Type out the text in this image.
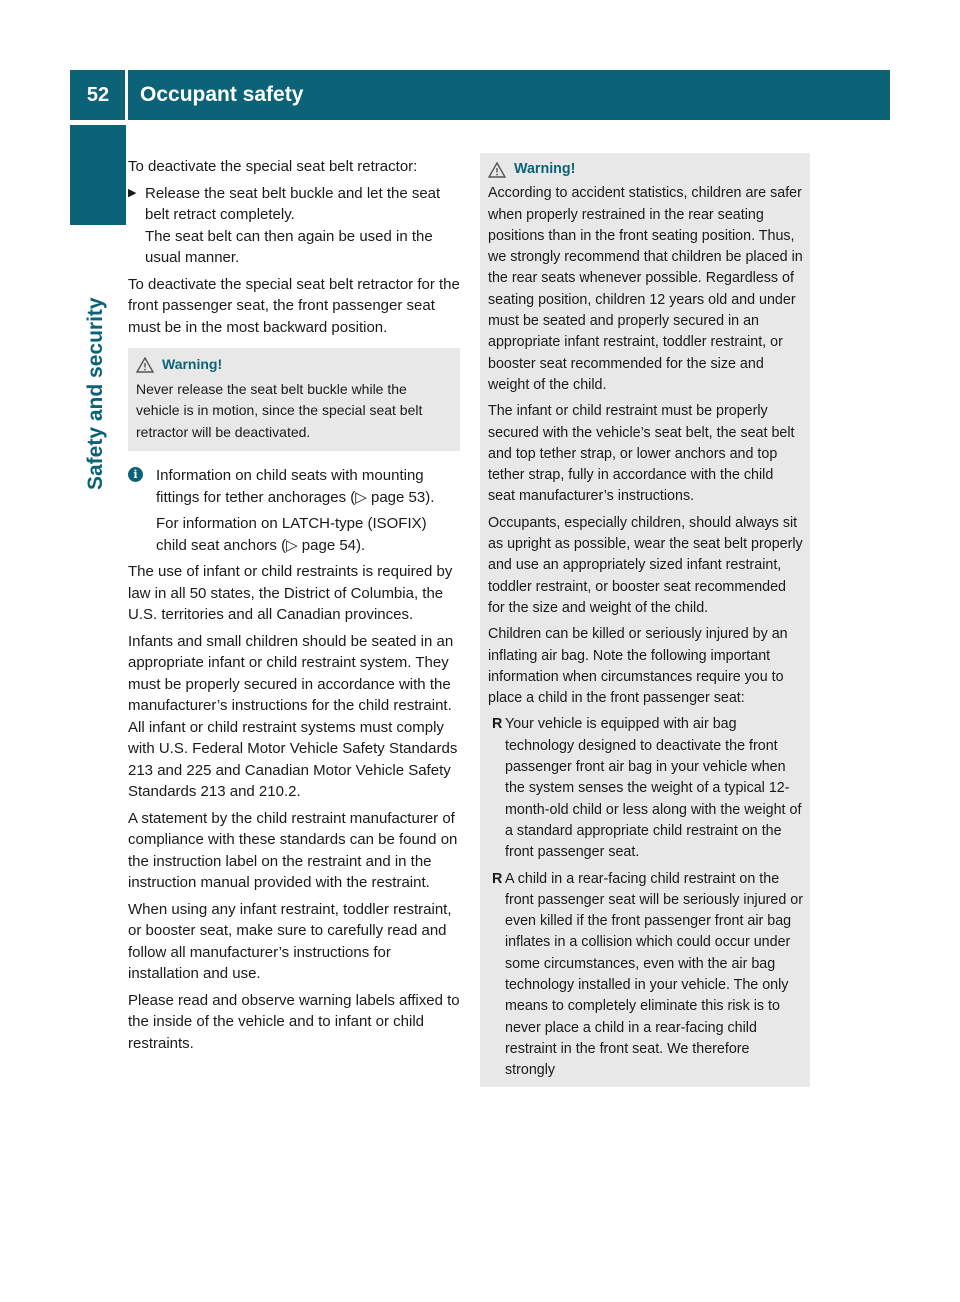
52	Occupant safety
Safety and security

To deactivate the special seat belt retractor:

▶ Release the seat belt buckle and let the seat belt retract completely.
The seat belt can then again be used in the usual manner.

To deactivate the special seat belt retractor for the front passenger seat, the front passenger seat must be in the most backward position.

Warning!
Never release the seat belt buckle while the vehicle is in motion, since the special seat belt retractor will be deactivated.
i	Information on child seats with mounting fittings for tether anchorages (▷ page 53).
For information on LATCH-type (ISOFIX) child seat anchors (▷ page 54).

The use of infant or child restraints is required by law in all 50 states, the District of Columbia, the U.S. territories and all Canadian provinces.

Infants and small children should be seated in an appropriate infant or child restraint system. They must be properly secured in accordance with the manufacturer’s instructions for the child restraint. All infant or child restraint systems must comply with U.S. Federal Motor Vehicle Safety Standards 213 and 225 and Canadian Motor Vehicle Safety Standards 213 and 210.2.

A statement by the child restraint manufacturer of compliance with these standards can be found on the instruction label on the restraint and in the instruction manual provided with the restraint.

When using any infant restraint, toddler restraint, or booster seat, make sure to carefully read and follow all manufacturer’s instructions for installation and use.

Please read and observe warning labels affixed to the inside of the vehicle and to infant or child restraints.

Warning!

According to accident statistics, children are safer when properly restrained in the rear seating positions than in the front seating position. Thus, we strongly recommend that children be placed in the rear seats whenever possible. Regardless of seating position, children 12 years old and under must be seated and properly secured in an appropriate infant restraint, toddler restraint, or booster seat recommended for the size and weight of the child.

The infant or child restraint must be properly secured with the vehicle’s seat belt, the seat belt and top tether strap, or lower anchors and top tether strap, fully in accordance with the child seat manufacturer’s instructions.

Occupants, especially children, should always sit as upright as possible, wear the seat belt properly and use an appropriately sized infant restraint, toddler restraint, or booster seat recommended for the size and weight of the child.

Children can be killed or seriously injured by an inflating air bag. Note the following important information when circumstances require you to place a child in the front passenger seat:

R Your vehicle is equipped with air bag technology designed to deactivate the front passenger front air bag in your vehicle when the system senses the weight of a typical 12-month-old child or less along with the weight of a standard appropriate child restraint on the front passenger seat.
R A child in a rear-facing child restraint on the front passenger seat will be seriously injured or even killed if the front passenger front air bag inflates in a collision which could occur under some circumstances, even with the air bag technology installed in your vehicle. The only means to completely eliminate this risk is to never place a child in a rear-facing child restraint in the front seat. We therefore strongly
